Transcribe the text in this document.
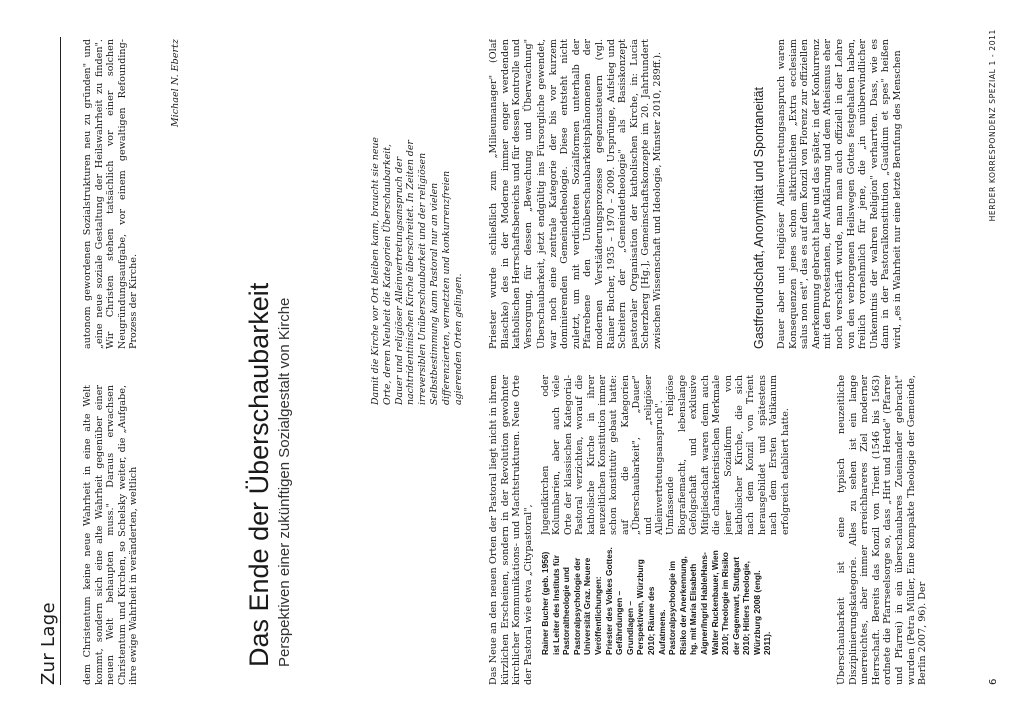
Zur Lage dem Christentum keine neue Wahrheit in eine alte Welt kommt, sondern sich eine alte Wahrheit gegenüber einer neuen Welt behaupten muss." Daraus erwachsen Christentum und Kirchen, so Schelsky weiter, die „Aufgabe, ihre ewige Wahrheit in veränderten, weltlich
autonom gewordenen Sozialstrukturen neu zu gründen" und „eine neue soziale Gestaltung der Heilswahrheit zu finden". Wir Christen stehen tatsächlich vor einer solchen Neugründungsaufgabe, vor einem gewaltigen Refounding-Prozess der Kirche.
Michael N. Ebertz
Das Ende der Überschaubarkeit Perspektiven einer zukünftigen Sozialgestalt von Kirche
Damit die Kirche vor Ort bleiben kann, braucht sie neue Orte, deren Neuheit die Kategorien Überschaubarkeit, Dauer und religiöser Alleinvertretungsanspruch der nachtridentinischen Kirche überschreitet. In Zeiten der irreversiblen Unüberschaubarkeit und der religiösen Selbstbestimmung kann Pastoral nur an vielen differenzierten, vernetzten und konkurrenzfreien agierenden Orten gelingen.
Das Neue an den neuen Orten der Pastoral liegt nicht in ihrem kürzlichen Erscheinen, sondern in der Revolution gewohnter kirchlicher Kommunikations- und Machtstrukturen. Neue Orte der Pastoral wie etwa „Citypastoral", Rainer Bucher (geb. 1956) ist Leiter des Instituts für Pastoraltheologie und Pastoralpsychologie der Universität Graz. Neuere Veröffentlichungen: Priester des Volkes Gottes. Gefährdungen – Grundlagen – Perspektiven, Würzburg 2010; Räume des Aufatmens. Pastoralpsychologie im Risiko der Anerkennung, hg. mit Maria Elisabeth Aigner/Ingrid Hable/Hans-Walter Ruckenbauer, Wien 2010; Theologie im Risiko der Gegenwart, Stuttgart 2010; Hitlers Theologie, Würzburg 2008 (engl. 2011).
Jugendkirchen oder Kolumbarien, aber auch viele Orte der klassischen Kategorial-Pastoral verzichten, worauf die katholische Kirche in ihrer neuzeitlichen Konstitution immer schon konstitutiv gebaut hatte: auf die Kategorien „Überschaubarkeit", „Dauer" und „religiöser Alleinvertretungsanspruch". Umfassende religiöse Biografiemacht, lebenslange Gefolgschaft und exklusive Mitgliedschaft waren denn auch die charakteristischen Merkmale jener Sozialform von katholischer Kirche, die sich nach dem Konzil von Trient herausgebildet und spätestens nach dem Ersten Vatikanum erfolgreich etabliert hatte.	Überschaubarkeit ist eine typisch neuzeitliche Disziplinierungskategorie. Alles zu sehen ist ein lange unerreichtes, aber immer erreichbareres Ziel moderner Herrschaft. Bereits das Konzil von Trient (1546 bis 1563) ordnete die Pfarrseelsorge so, dass „Hirt und Herde" (Pfarrer und Pfarrei) in ein überschaubares Zueinander gebracht" wurden (Petra Müller, Eine kompakte Theologie der Gemeinde, Berlin 2007, 96). Der
Priester wurde schließlich zum „Milieumanager" (Olaf Blaschke) des in der Moderne immer enger werdenden katholischen Herrschaftsbereichs und für dessen Kontrolle und Versorgung, für dessen „Bewachung und Überwachung" Überschaubarkeit, jetzt endgültig ins Fürsorgliche gewendet, war noch eine zentrale Kategorie der bis vor kurzem dominierenden Gemeindetheologie. Diese entsteht nicht zuletzt, um mit verdichteten Sozialformen unterhalb der Pfarrebene den Unüberschaubarkeitsphänomenen der modernen Verstädterungsprozesse gegenzusteuern (vgl. Rainer Bucher, 1935 – 1970 – 2009. Ursprünge, Aufstieg und Scheitern der „Gemeindetheologie" als Basiskonzept pastoraler Organisation der katholischen Kirche, in: Lucia Scherzberg [Hg.], Gemeinschaftskonzepte im 20. Jahrhundert zwischen Wissenschaft und Ideologie, Münster 2010, 289ff.).	Gastfreundschaft, Anonymität und Spontaneität Dauer aber und religiöser Alleinvertretungsanspruch waren Konsequenzen jenes schon altkirchlichen „Extra ecclesiam salus non est", das es auf dem Konzil von Florenz zur offiziellen Anerkennung gebracht hatte und das später, in der Konkurrenz mit den Protestanten, der Aufklärung und dem Atheismus eher noch verschärft wurde, man man auch offiziell in der Lehre von den verborgenen Heilswegen Gottes festgehalten haben, freilich vornehmlich für jene, die „in unüberwindlicher Unkenntnis der wahren Religion" verharrten. Dass, wie es dann in der Pastoralkonstitution „Gaudium et spes" heißen wird, „es in Wahrheit nur eine letzte Berufung des Menschen
6
HERDER KORRESPONDENZ SPEZIAL 1 - 2011
